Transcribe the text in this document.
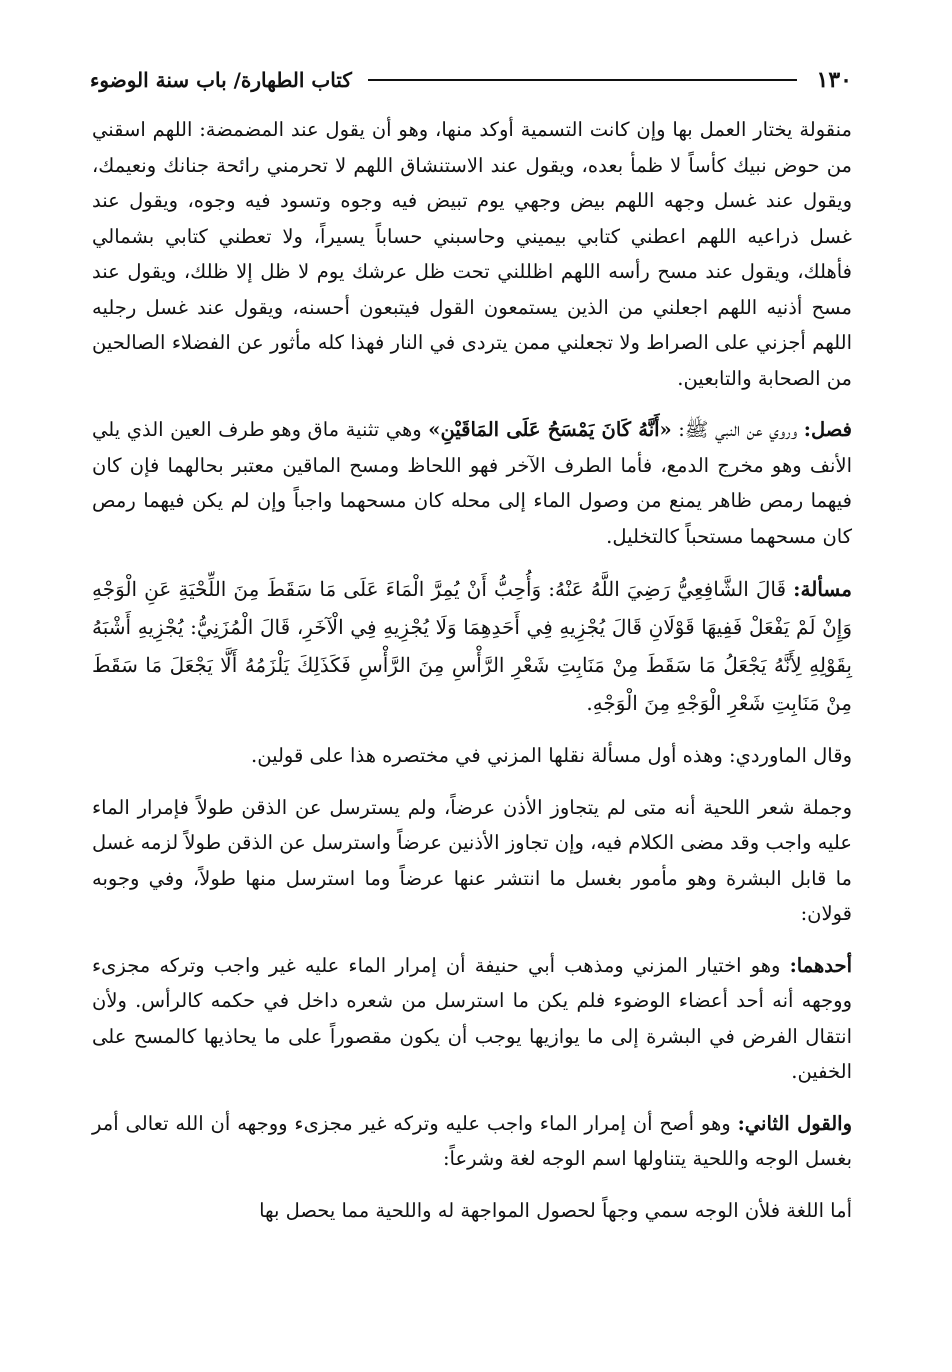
١٣٠
كتاب الطهارة/ باب سنة الوضوء

منقولة يختار العمل بها وإن كانت التسمية أوكد منها، وهو أن يقول عند المضمضة: اللهم اسقني من حوض نبيك كأساً لا ظمأ بعده، ويقول عند الاستنشاق اللهم لا تحرمني رائحة جنانك ونعيمك، ويقول عند غسل وجهه اللهم بيض وجهي يوم تبيض فيه وجوه وتسود فيه وجوه، ويقول عند غسل ذراعيه اللهم اعطني كتابي بيميني وحاسبني حساباً يسيراً، ولا تعطني كتابي بشمالي فأهلك، ويقول عند مسح رأسه اللهم اظللني تحت ظل عرشك يوم لا ظل إلا ظلك، ويقول عند مسح أذنيه اللهم اجعلني من الذين يستمعون القول فيتبعون أحسنه، ويقول عند غسل رجليه اللهم أجزني على الصراط ولا تجعلني ممن يتردى في النار فهذا كله مأثور عن الفضلاء الصالحين من الصحابة والتابعين.

فصل: وروي عن النبي ﷺ: «أَنَّهُ كَانَ يَمْسَحُ عَلَى المَاقَيْنِ» وهي تثنية ماق وهو طرف العين الذي يلي الأنف وهو مخرج الدمع، فأما الطرف الآخر فهو اللحاظ ومسح الماقين معتبر بحالهما فإن كان فيهما رمص ظاهر يمنع من وصول الماء إلى محله كان مسحهما واجباً وإن لم يكن فيهما رمص كان مسحهما مستحباً كالتخليل.

مسألة: قَالَ الشَّافِعِيُّ رَضِيَ اللَّهُ عَنْهُ: وَأُحِبُّ أَنْ يُمِرَّ الْمَاءَ عَلَى مَا سَقَطَ مِنَ اللِّحْيَةِ عَنِ الْوَجْهِ وَإِنْ لَمْ يَفْعَلْ فَفِيهَا قَوْلَانِ قَالَ يُجْزِيهِ فِي أَحَدِهِمَا وَلَا يُجْزِيهِ فِي الْآخَرِ، قَالَ الْمُزَنِيُّ: يُجْزِيهِ أَشْبَهُ بِقَوْلِهِ لِأَنَّهُ يَجْعَلُ مَا سَقَطَ مِنْ مَنَابِتِ شَعْرِ الرَّأْسِ مِنَ الرَّأْسِ فَكَذَلِكَ يَلْزَمُهُ أَلَّا يَجْعَلَ مَا سَقَطَ مِنْ مَنَابِتِ شَعْرِ الْوَجْهِ مِنَ الْوَجْهِ.

وقال الماوردي: وهذه أول مسألة نقلها المزني في مختصره هذا على قولين.

وجملة شعر اللحية أنه متى لم يتجاوز الأذن عرضاً، ولم يسترسل عن الذقن طولاً فإمرار الماء عليه واجب وقد مضى الكلام فيه، وإن تجاوز الأذنين عرضاً واسترسل عن الذقن طولاً لزمه غسل ما قابل البشرة وهو مأمور بغسل ما انتشر عنها عرضاً وما استرسل منها طولاً، وفي وجوبه قولان:

أحدهما: وهو اختيار المزني ومذهب أبي حنيفة أن إمرار الماء عليه غير واجب وتركه مجزىء ووجهه أنه أحد أعضاء الوضوء فلم يكن ما استرسل من شعره داخل في حكمه كالرأس. ولأن انتقال الفرض في البشرة إلى ما يوازيها يوجب أن يكون مقصوراً على ما يحاذيها كالمسح على الخفين.

والقول الثاني: وهو أصح أن إمرار الماء واجب عليه وتركه غير مجزىء ووجهه أن الله تعالى أمر بغسل الوجه واللحية يتناولها اسم الوجه لغة وشرعاً:

أما اللغة فلأن الوجه سمي وجهاً لحصول المواجهة له واللحية مما يحصل بها
